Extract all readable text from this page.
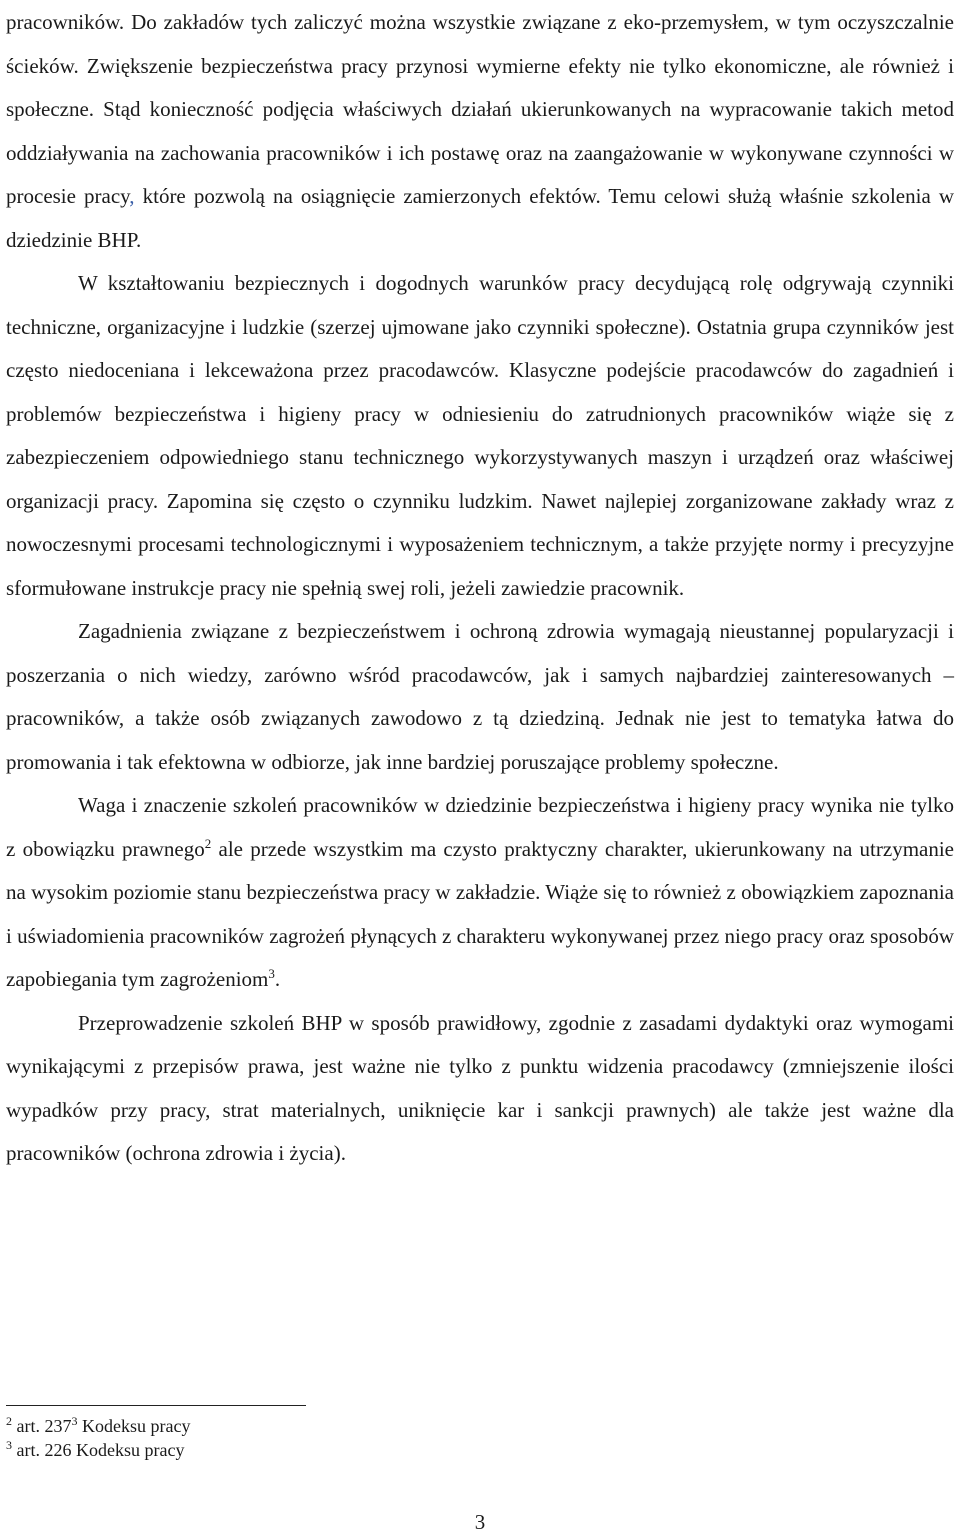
pracowników. Do zakładów tych zaliczyć można wszystkie związane z eko-przemysłem, w tym oczyszczalnie ścieków. Zwiększenie bezpieczeństwa pracy przynosi wymierne efekty nie tylko ekonomiczne, ale również i społeczne. Stąd konieczność podjęcia właściwych działań ukierunkowanych na wypracowanie takich metod oddziaływania na zachowania pracowników i ich postawę oraz na zaangażowanie w wykonywane czynności w procesie pracy, które pozwolą na osiągnięcie zamierzonych efektów. Temu celowi służą właśnie szkolenia w dziedzinie BHP.

W kształtowaniu bezpiecznych i dogodnych warunków pracy decydującą rolę odgrywają czynniki techniczne, organizacyjne i ludzkie (szerzej ujmowane jako czynniki społeczne). Ostatnia grupa czynników jest często niedoceniana i lekceważona przez pracodawców. Klasyczne podejście pracodawców do zagadnień i problemów bezpieczeństwa i higieny pracy w odniesieniu do zatrudnionych pracowników wiąże się z zabezpieczeniem odpowiedniego stanu technicznego wykorzystywanych maszyn i urządzeń oraz właściwej organizacji pracy. Zapomina się często o czynniku ludzkim. Nawet najlepiej zorganizowane zakłady wraz z nowoczesnymi procesami technologicznymi i wyposażeniem technicznym, a także przyjęte normy i precyzyjne sformułowane instrukcje pracy nie spełnią swej roli, jeżeli zawiedzie pracownik.

Zagadnienia związane z bezpieczeństwem i ochroną zdrowia wymagają nieustannej popularyzacji i poszerzania o nich wiedzy, zarówno wśród pracodawców, jak i samych najbardziej zainteresowanych – pracowników, a także osób związanych zawodowo z tą dziedziną. Jednak nie jest to tematyka łatwa do promowania i tak efektowna w odbiorze, jak inne bardziej poruszające problemy społeczne.

Waga i znaczenie szkoleń pracowników w dziedzinie bezpieczeństwa i higieny pracy wynika nie tylko z obowiązku prawnego$^2$ ale przede wszystkim ma czysto praktyczny charakter, ukierunkowany na utrzymanie na wysokim poziomie stanu bezpieczeństwa pracy w zakładzie. Wiąże się to również z obowiązkiem zapoznania i uświadomienia pracowników zagrożeń płynących z charakteru wykonywanej przez niego pracy oraz sposobów zapobiegania tym zagrożeniom$^3$.

Przeprowadzenie szkoleń BHP w sposób prawidłowy, zgodnie z zasadami dydaktyki oraz wymogami wynikającymi z przepisów prawa, jest ważne nie tylko z punktu widzenia pracodawcy (zmniejszenie ilości wypadków przy pracy, strat materialnych, uniknięcie kar i sankcji prawnych) ale także jest ważne dla pracowników (ochrona zdrowia i życia).

$^2$ art. $237^3$ Kodeksu pracy
$^3$ art. 226 Kodeksu pracy
3
